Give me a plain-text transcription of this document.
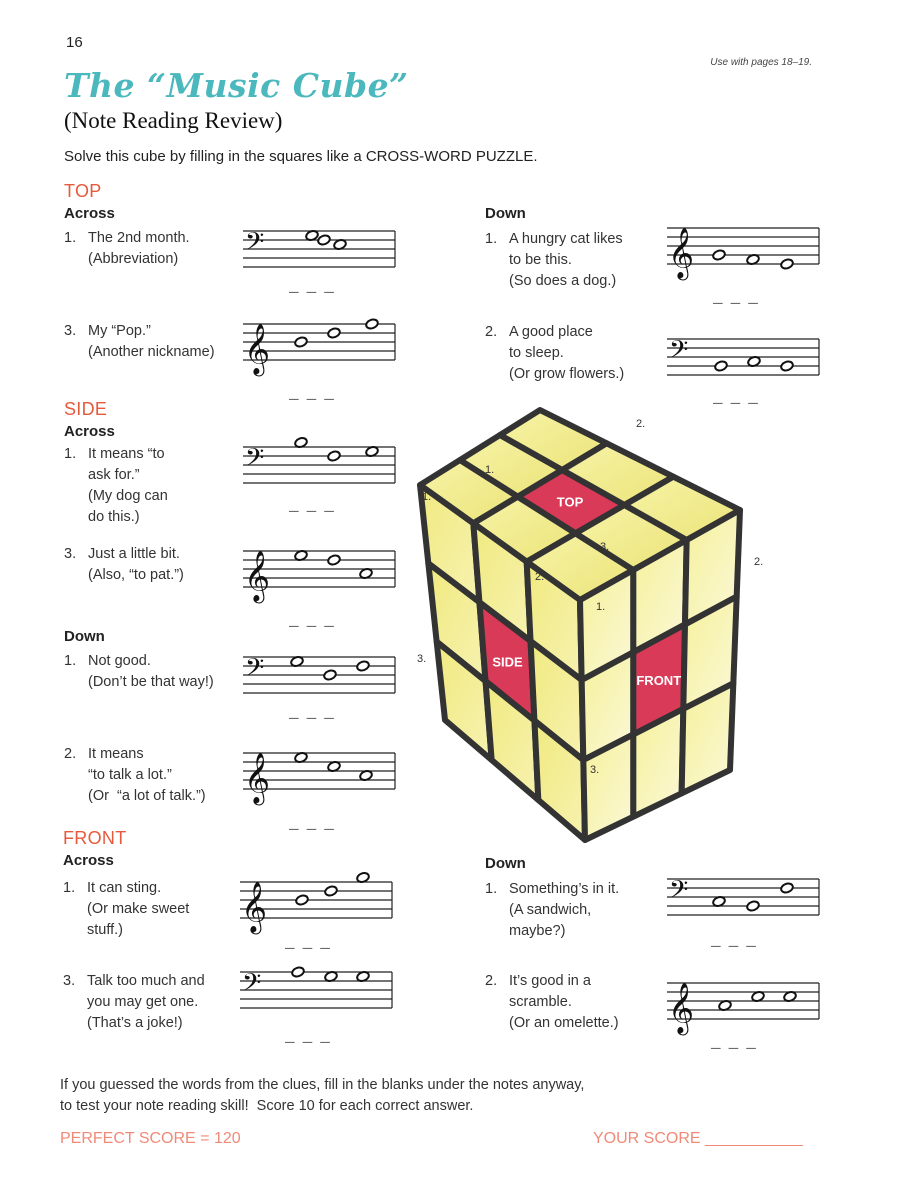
16
Use with pages 18–19.
The “Music Cube”
(Note Reading Review)
Solve this cube by filling in the squares like a CROSS-WORD PUZZLE.
TOP
Across	Down
1. The 2nd month.
(Abbreviation)	𝄢
___
3. My “Pop.”
(Another nickname) 𝄞
___
1. A hungry cat likes
to be this.
(So does a dog.)
𝄞
___
2. A good place
to sleep.
(Or grow flowers.)
𝄢
___
SIDE
Across
1. It means “to
ask for.”
(My dog can
do this.)
𝄢
___
3. Just a little bit.
(Also, “to pat.”) 𝄞
___
Down
1. Not good.
(Don’t be that way!) 𝄢
___
2. It means
“to talk a lot.”
(Or  “a lot of talk.”) 𝄞
___
FRONT
Across	Down
1. It can sting.
(Or make sweet
stuff.)	𝄞
___
3. Talk too much and
you may get one.
(That’s a joke!)
𝄢
___
1. Something’s in it.
(A sandwich,
maybe?)
𝄢
___
2. It’s good in a
scramble.
(Or an omelette.) 𝄞
___
TOP
SIDE
FRONT
1.
2.
3.
1.
2.
3.
1.
2.
3.
If you guessed the words from the clues, fill in the blanks under the notes anyway,
to test your note reading skill!  Score 10 for each correct answer.
PERFECT SCORE = 120	YOUR SCORE ___________
